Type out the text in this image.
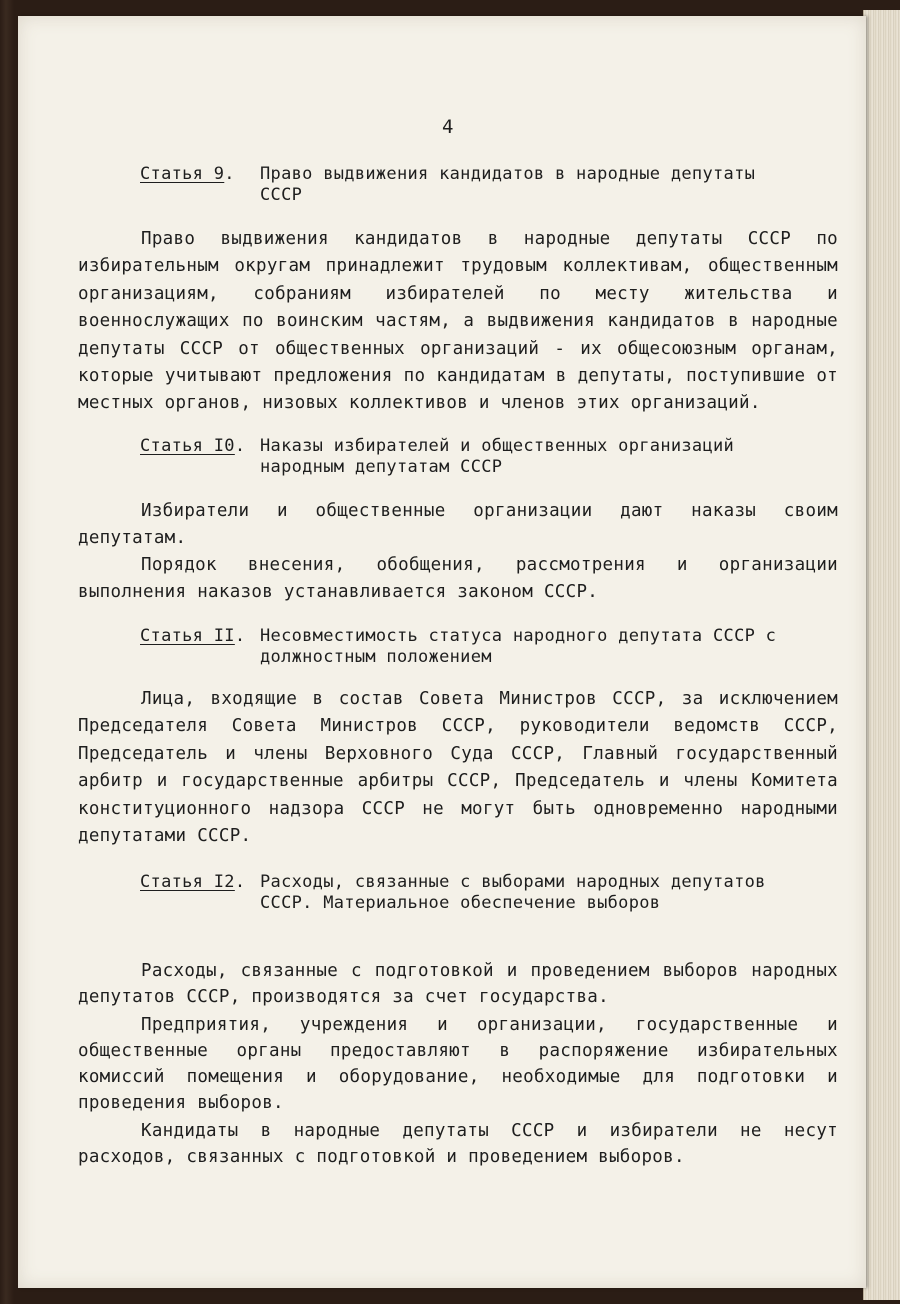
4
Статья 9. Право выдвижения кандидатов в народные депутаты СССР
Право выдвижения кандидатов в народные депутаты СССР по избирательным округам принадлежит трудовым коллективам, общественным организациям, собраниям избирателей по месту жительства и военнослужащих по воинским частям, а выдвижения кандидатов в народные депутаты СССР от общественных организаций - их общесоюзным органам, которые учитывают предложения по кандидатам в депутаты, поступившие от местных органов, низовых коллективов и членов этих организаций.
Статья I0. Наказы избирателей и общественных организаций народным депутатам СССР
Избиратели и общественные организации дают наказы своим депутатам.
Порядок внесения, обобщения, рассмотрения и организации выполнения наказов устанавливается законом СССР.
Статья II. Несовместимость статуса народного депутата СССР с должностным положением
Лица, входящие в состав Совета Министров СССР, за исключением Председателя Совета Министров СССР, руководители ведомств СССР, Председатель и члены Верховного Суда СССР, Главный государственный арбитр и государственные арбитры СССР, Председатель и члены Комитета конституционного надзора СССР не могут быть одновременно народными депутатами СССР.
Статья I2. Расходы, связанные с выборами народных депутатов СССР. Материальное обеспечение выборов
Расходы, связанные с подготовкой и проведением выборов народных депутатов СССР, производятся за счет государства.
Предприятия, учреждения и организации, государственные и общественные органы предоставляют в распоряжение избирательных комиссий помещения и оборудование, необходимые для подготовки и проведения выборов.
Кандидаты в народные депутаты СССР и избиратели не несут расходов, связанных с подготовкой и проведением выборов.
